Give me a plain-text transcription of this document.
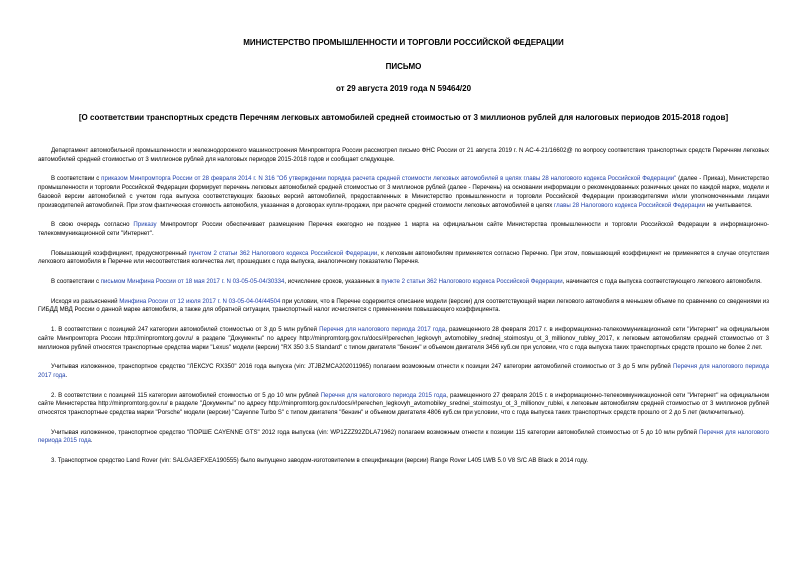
МИНИСТЕРСТВО ПРОМЫШЛЕННОСТИ И ТОРГОВЛИ РОССИЙСКОЙ ФЕДЕРАЦИИ

ПИСЬМО

от 29 августа 2019 года N 59464/20

[О соответствии транспортных средств Перечням легковых автомобилей средней стоимостью от 3 миллионов рублей для налоговых периодов 2015-2018 годов]

Департамент автомобильной промышленности и железнодорожного машиностроения Минпромторга России рассмотрел письмо ФНС России от 21 августа 2019 г. N АС-4-21/16602@ по вопросу соответствия транспортных средств Перечням легковых автомобилей средней стоимостью от 3 миллионов рублей для налоговых периодов 2015-2018 годов и сообщает следующее.

В соответствии с приказом Минпромторга России от 28 февраля 2014 г. N 316 "Об утверждении порядка расчета средней стоимости легковых автомобилей в целях главы 28 налогового кодекса Российской Федерации" (далее - Приказ), Министерство промышленности и торговли Российской Федерации формирует перечень легковых автомобилей средней стоимостью от 3 миллионов рублей (далее - Перечень) на основании информации о рекомендованных розничных ценах по каждой марке, модели и базовой версии автомобилей с учетом года выпуска соответствующих базовых версий автомобилей, предоставленных в Министерство промышленности и торговли Российской Федерации производителями и/или уполномоченными лицами производителей автомобилей. При этом фактическая стоимость автомобиля, указанная в договорах купли-продажи, при расчете средней стоимости легковых автомобилей в целях главы 28 Налогового кодекса Российской Федерации не учитывается.

В свою очередь согласно Приказу Минпромторг России обеспечивает размещение Перечня ежегодно не позднее 1 марта на официальном сайте Министерства промышленности и торговли Российской Федерации в информационно-телекоммуникационной сети "Интернет".

Повышающий коэффициент, предусмотренный пунктом 2 статьи 362 Налогового кодекса Российской Федерации, к легковым автомобилям применяется согласно Перечню. При этом, повышающий коэффициент не применяется в случае отсутствия легкового автомобиля в Перечне или несоответствия количества лет, прошедших с года выпуска, аналогичному показателю Перечня.

В соответствии с письмом Минфина России от 18 мая 2017 г. N 03-05-05-04/30334, исчисление сроков, указанных в пункте 2 статьи 362 Налогового кодекса Российской Федерации, начинается с года выпуска соответствующего легкового автомобиля.

Исходя из разъяснений Минфина России от 12 июля 2017 г. N 03-05-04-04/44504 при условии, что в Перечне содержится описание модели (версии) для соответствующей марки легкового автомобиля в меньшем объеме по сравнению со сведениями из ГИБДД МВД России о данной марке автомобиля, а также для обратной ситуации, транспортный налог исчисляется с применением повышающего коэффициента.

1. В соответствии с позицией 247 категории автомобилей стоимостью от 3 до 5 млн рублей Перечня для налогового периода 2017 года, размещенного 28 февраля 2017 г. в информационно-телекоммуникационной сети "Интернет" на официальном сайте Минпромторга России http://minpromtorg.gov.ru/ в разделе "Документы" по адресу http://minpromtorg.gov.ru/docs/#!perechen_legkovyh_avtomobiley_srednej_stoimostyu_ot_3_millionov_rubley_2017, к легковым автомобилям средней стоимостью от 3 миллионов рублей относятся транспортные средства марки "Lexus" модели (версии) "RX 350 3.5 Standard" с типом двигателя "бензин" и объемом двигателя 3456 куб.см при условии, что с года выпуска таких транспортных средств прошло не более 2 лет.

Учитывая изложенное, транспортное средство "ЛЕКСУС RX350" 2016 года выпуска (vin: JTJBZMCA202011965) полагаем возможным отнести к позиции 247 категории автомобилей стоимостью от 3 до 5 млн рублей Перечня для налогового периода 2017 года.

2. В соответствии с позицией 115 категории автомобилей стоимостью от 5 до 10 млн рублей Перечня для налогового периода 2015 года, размещенного 27 февраля 2015 г. в информационно-телекоммуникационной сети "Интернет" на официальном сайте Министерства http://minpromtorg.gov.ru/ в разделе "Документы" по адресу http://minpromtorg.gov.ru/docs/#!perechen_legkovyh_avtomobiley_srednei_stoimostyu_ot_3_millionov_rublei, к легковым автомобилям средней стоимостью от 3 миллионов рублей относятся транспортные средства марки "Porsche" модели (версии) "Cayenne Turbo S" с типом двигателя "бензин" и объемом двигателя 4806 куб.см при условии, что с года выпуска таких транспортных средств прошло от 2 до 5 лет (включительно).

Учитывая изложенное, транспортное средство "ПОРШЕ CAYENNE GTS" 2012 года выпуска (vin: WP1ZZZ92ZDLA71962) полагаем возможным отнести к позиции 115 категории автомобилей стоимостью от 5 до 10 млн рублей Перечня для налогового периода 2015 года.

3. Транспортное средство Land Rover (vin: SALGA3EFXEA190555) было выпущено заводом-изготовителем в спецификации (версии) Range Rover L405 LWB 5.0 V8 S/C AB Black в 2014 году.
